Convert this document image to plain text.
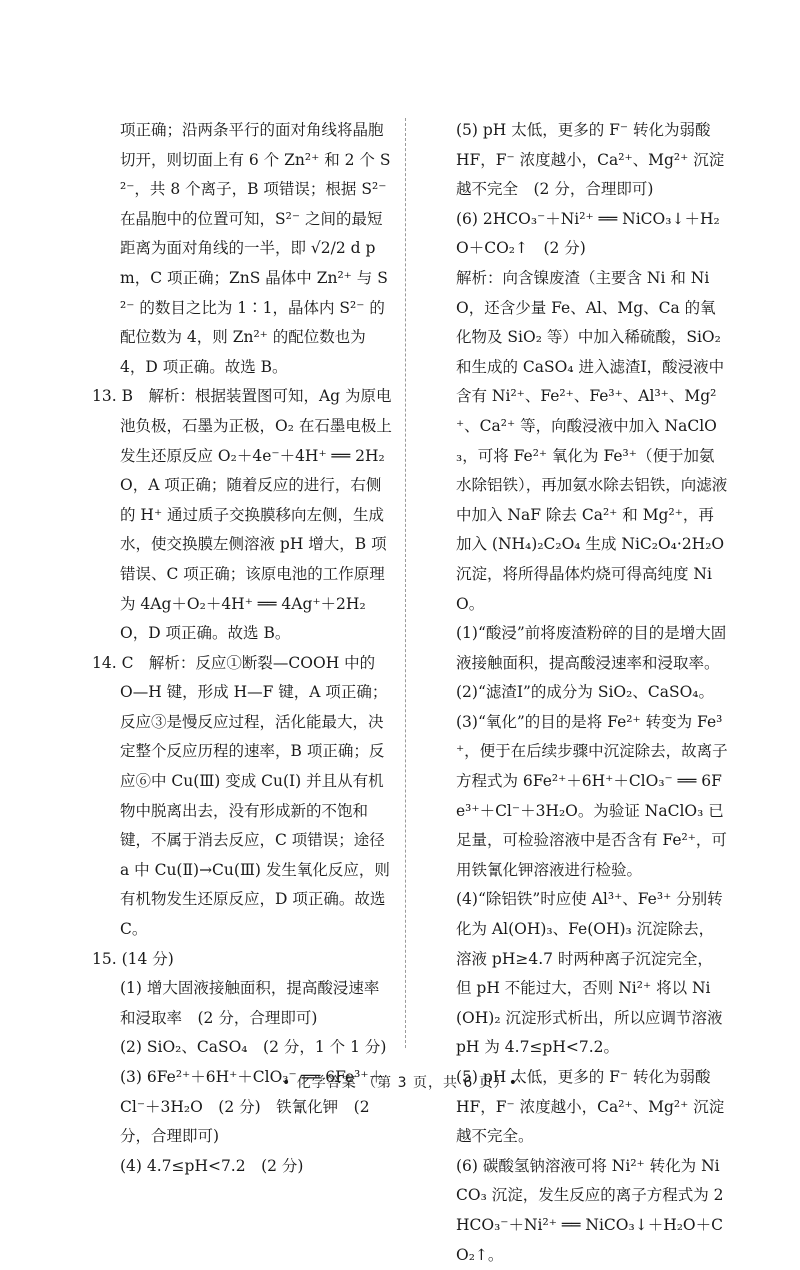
项正确；沿两条平行的面对角线将晶胞切开，则切面上有 6 个 Zn²⁺ 和 2 个 S²⁻，共 8 个离子，B 项错误；根据 S²⁻ 在晶胞中的位置可知，S²⁻ 之间的最短距离为面对角线的一半，即 √2/2 d pm，C 项正确；ZnS 晶体中 Zn²⁺ 与 S²⁻ 的数目之比为 1∶1，晶体内 S²⁻ 的配位数为 4，则 Zn²⁺ 的配位数也为 4，D 项正确。故选 B。

13. B　解析：根据装置图可知，Ag 为原电池负极，石墨为正极，O₂ 在石墨电极上发生还原反应 O₂＋4e⁻＋4H⁺ ══ 2H₂O，A 项正确；随着反应的进行，右侧的 H⁺ 通过质子交换膜移向左侧，生成水，使交换膜左侧溶液 pH 增大，B 项错误、C 项正确；该原电池的工作原理为 4Ag＋O₂＋4H⁺ ══ 4Ag⁺＋2H₂O，D 项正确。故选 B。

14. C　解析：反应①断裂—COOH 中的 O—H 键，形成 H—F 键，A 项正确；反应③是慢反应过程，活化能最大，决定整个反应历程的速率，B 项正确；反应⑥中 Cu(Ⅲ) 变成 Cu(Ⅰ) 并且从有机物中脱离出去，没有形成新的不饱和键，不属于消去反应，C 项错误；途径 a 中 Cu(Ⅱ)→Cu(Ⅲ) 发生氧化反应，则有机物发生还原反应，D 项正确。故选 C。

15. (14 分)

(1) 增大固液接触面积，提高酸浸速率和浸取率　(2 分，合理即可)

(2) SiO₂、CaSO₄　(2 分，1 个 1 分)

(3) 6Fe²⁺＋6H⁺＋ClO₃⁻ ══ 6Fe³⁺＋Cl⁻＋3H₂O　(2 分)　铁氰化钾　(2 分，合理即可)

(4) 4.7≤pH<7.2　(2 分)

(5) pH 太低，更多的 F⁻ 转化为弱酸 HF，F⁻ 浓度越小，Ca²⁺、Mg²⁺ 沉淀越不完全　(2 分，合理即可)

(6) 2HCO₃⁻＋Ni²⁺ ══ NiCO₃↓＋H₂O＋CO₂↑　(2 分)

解析：向含镍废渣（主要含 Ni 和 NiO，还含少量 Fe、Al、Mg、Ca 的氧化物及 SiO₂ 等）中加入稀硫酸，SiO₂ 和生成的 CaSO₄ 进入滤渣Ⅰ，酸浸液中含有 Ni²⁺、Fe²⁺、Fe³⁺、Al³⁺、Mg²⁺、Ca²⁺ 等，向酸浸液中加入 NaClO₃，可将 Fe²⁺ 氧化为 Fe³⁺（便于加氨水除铝铁），再加氨水除去铝铁，向滤液中加入 NaF 除去 Ca²⁺ 和 Mg²⁺，再加入 (NH₄)₂C₂O₄ 生成 NiC₂O₄·2H₂O 沉淀，将所得晶体灼烧可得高纯度 NiO。

(1)“酸浸”前将废渣粉碎的目的是增大固液接触面积，提高酸浸速率和浸取率。

(2)“滤渣Ⅰ”的成分为 SiO₂、CaSO₄。

(3)“氧化”的目的是将 Fe²⁺ 转变为 Fe³⁺，便于在后续步骤中沉淀除去，故离子方程式为 6Fe²⁺＋6H⁺＋ClO₃⁻ ══ 6Fe³⁺＋Cl⁻＋3H₂O。为验证 NaClO₃ 已足量，可检验溶液中是否含有 Fe²⁺，可用铁氰化钾溶液进行检验。

(4)“除铝铁”时应使 Al³⁺、Fe³⁺ 分别转化为 Al(OH)₃、Fe(OH)₃ 沉淀除去，溶液 pH≥4.7 时两种离子沉淀完全，但 pH 不能过大，否则 Ni²⁺ 将以 Ni(OH)₂ 沉淀形式析出，所以应调节溶液 pH 为 4.7≤pH<7.2。

(5) pH 太低，更多的 F⁻ 转化为弱酸 HF，F⁻ 浓度越小，Ca²⁺、Mg²⁺ 沉淀越不完全。

(6) 碳酸氢钠溶液可将 Ni²⁺ 转化为 NiCO₃ 沉淀，发生反应的离子方程式为 2HCO₃⁻＋Ni²⁺ ══ NiCO₃↓＋H₂O＋CO₂↑。

• 化学答案 （第 3 页，共 6 页）•
